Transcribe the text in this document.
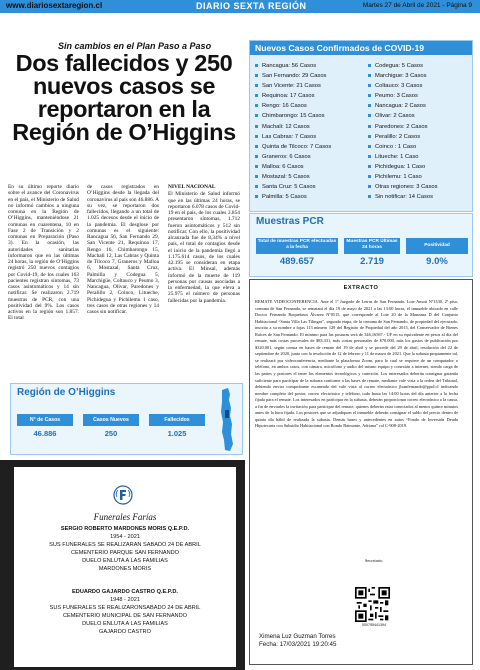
www.diariosextaregion.cl	DIARIO SEXTA REGIÓN	Martes 27 de Abril de 2021 - Página 9
Sin cambios en el Plan Paso a Paso
Dos fallecidos y 250 nuevos casos se reportaron en la Región de O’Higgins
En su último reporte diario sobre el avance del Coronavirus en el país, el Ministerio de Salud no informó cambios a ninguna comuna en la Región de O’Higgins, manteniéndose 21 comunas en cuarentena, 10 en Fase 2 de Transición y 2 comunas en Preparación (Paso 3). En la ocasión, las autoridades sanitarias informaron que en las últimas 24 horas, la región de O’Higgins registró 250 nuevos contagios por Covid-19, de los cuales 163 pacientes registran síntomas, 73 casos asintomáticos y 14 sin notificar. Se realizaron 2.719 muestras de PCR, con una positividad del 9%. Los casos activos en la región son 1.857. El total
de casos registrados en O’Higgins desde la llegada del coronavirus al país son 46.886. A su vez, se reportaron dos fallecidos, llegando a un total de 1.025 decesos desde el inicio de la pandemia. El desglose por comunas es el siguiente: Rancagua 56, San Fernando 29, San Vicente 21, Requinoa 17, Rengo 16, Chimbarongo 15, Machali 12, Las Cabras y Quinta de Tilcoco 7, Graneros y Malloa 6, Mostazal, Santa Cruz, Palmilla y Codegua 5, Marchigüe, Coltauco y Peumo 3, Nancagua, Olivar, Paredones y Peralillo 2, Coinco, Litueche, Pichidegua y Pichilemu 1 caso, tres casos de otras regiones y 14 casos sin notificar.
NIVEL NACIONAL
El Ministerio de Salud informó que en las últimas 24 horas, se reportaron 6.078 casos de Covid-19 en el país, de los cuales 3.854 presentaron síntomas, 1.712 fueron asintomáticos y 512 sin notificar. Con ello, la positividad alcanzada fue de 8,34% a nivel país, el total de contagios desde el inicio de la pandemia llegó a 1.175.614 casos, de los cuales 42.195 se consideran en etapa activa. El Minsal, además informó de la muerte de 119 personas por causas asociadas a la enfermedad, la que eleva a 25.975 el número de personas fallecidas por la pandemia.
Nuevos Casos Confirmados de COVID-19
Rancagua: 56 Casos
San Fernando: 29 Casos
San Vicente: 21 Casos
Requinoa: 17 Casos
Rengo: 16 Casos
Chimbarongo: 15 Casos
Machali: 12 Casos
Las Cabras: 7 Casos
Quinta de Tilcoco: 7 Casos
Graneros: 6 Casos
Malloa: 6 Casos
Mostazal: 5 Casos
Santa Cruz: 5 Casos
Palmilla: 5 Casos
Codegua: 5 Casos
Marchigue: 3 Casos
Coltauco: 3 Casos
Peumo: 3 Casos
Nancagua: 2 Casos
Olivar: 2 Casos
Paredones: 2 Casos
Peralillo: 2 Casos
Coinco : 1 Caso
Litueche: 1 Caso
Pichidegua: 1 Caso
Pichilemu: 1 Caso
Otras regiones: 3 Casos
Sin notificar: 14 Casos
Muestras PCR
Total de muestras PCR efectuadas a la fecha
Muestras PCR Últimas 24 horas	Positividad
489.657	2.719	9.0%
EXTRACTO
REMATE VIDEOCONFERENCIA. Ante el 1º Juzgado de Letras de San Fernando, Lote Amott Nº1330, 2º piso, comuna de San Fernando, se rematará el día 19 de mayo de 2021 a las 13:00 horas, el inmueble ubicado en calle Doctor Fernando Roquebrun Álvarez Nº0515, que corresponde al Lote 20 de la Manzana D del Conjunto Habitacional “Santa Villa Las Tilingas”, segunda etapa, de la comuna de San Fernando, de propiedad del ejecutado, inscrito a su nombre a fojas 113 número 129 del Registro de Propiedad del año 2015, del Conservador de Bienes Raíces de San Fernando. El mínimo para las posturas será de 346,16567.- UF en su equivalente en pesos al día del remate, más costas procesales de $83.331, más costas personales de $70.000, más los gastos de publicación por $320.001, según consta en bases de remate del 19 de abril y se procede del 29 de abril, resolución del 22 de septiembre de 2020, junto con la resolución de 12 de febrero y 11 de marzo de 2021. Que la subasta propiamente tal, se realizará por videoconferencia, mediante la plataforma Zoom, para lo cual se requiere de un computador o teléfono, en ambos casos, con cámara, micrófono y audio del mismo equipo y conexión a internet, siendo carga de las partes y postores el tener los elementos tecnológicos y conexión. Los interesados deberán consignar garantía suficiente para participar de la subasta conforme a las bases de remate, mediante vale vista a la orden del Tribunal, debiendo enviar comprobante escaneado del vale vista al correo electrónico jlsanfernando@pjud.cl indicando nombre completo del postor, correo electrónico y teléfono, todo hasta las 14:00 horas del día anterior a la fecha fijada para el remate. Los interesados en participar en la subasta, deberán proporcionar correo electrónico a la causa, a fin de enviarles la invitación para participar del remate, quienes deberán estar conectados al menos quince minutos antes de la hora fijada. Los postores que se adjudiquen el inmueble deberán consignar el saldo del precio dentro de quinto día hábil de realizada la subasta. Demás bases y antecedentes en autos “Fondo de Inversión Deuda Hipotecaria con Subsidio Habitacional con Rondo Baimonte, Adriana” rol C-908-2019.
Secretario.
000755441394
Ximena Luz Guzman Torres
Fecha: 17/03/2021 19:20:45
Región de O’Higgins
N° de Casos	Casos Nuevos	Fallecidos
46.886	250	1.025
Funerales Farías
SERGIO ROBERTO MARDONES MORIS Q.E.P.D.
1954 - 2021
SUS FUNERALES SE REALIZARAN SABADO 24 DE ABRIL
CEMENTERIO PARQUE SAN FERNANDO
DUELO ENLUTA A LAS FAMILIAS
MARDONES MORIS
EDUARDO GAJARDO CASTRO Q.E.P.D.
1948 - 2021
SUS FUNERALES SE REALIZARONSABADO 24 DE ABRIL
CEMENTERIO MUNICIPAL DE SAN FERNANDO
DUELO ENLUTA A LAS FAMILIAS
GAJARDO CASTRO
